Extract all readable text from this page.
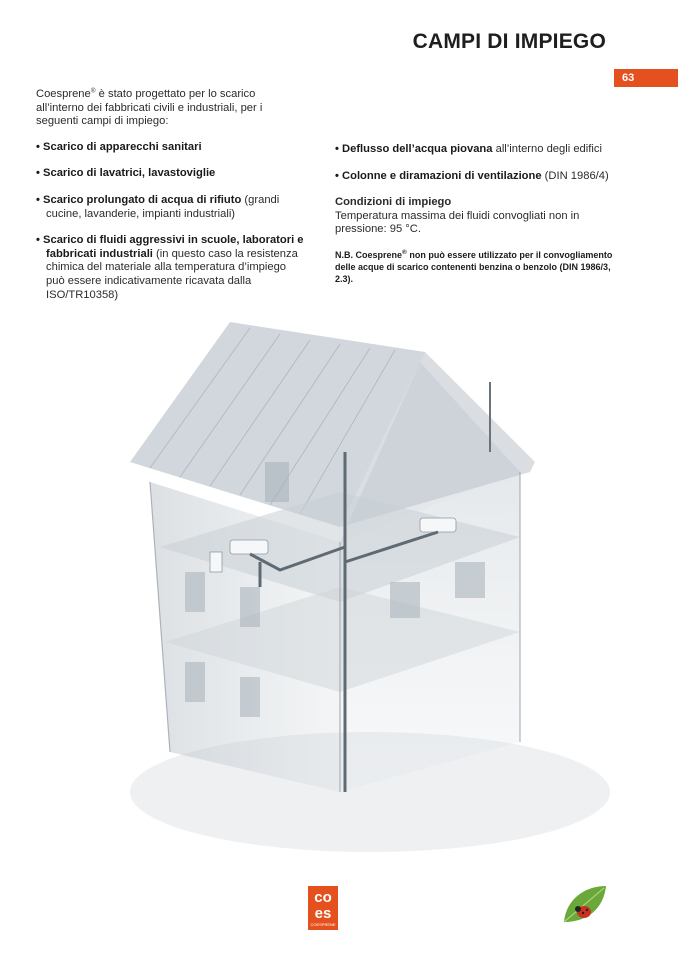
CAMPI DI IMPIEGO
63

Coesprene® è stato progettato per lo scarico all’interno dei fabbricati civili e industriali, per i seguenti campi di impiego:

• Scarico di apparecchi sanitari

• Scarico di lavatrici, lavastoviglie

• Scarico prolungato di acqua di rifiuto (grandi cucine, lavanderie, impianti industriali)

• Scarico di fluidi aggressivi in scuole, laboratori e fabbricati industriali (in questo caso la resistenza chimica del materiale alla temperatura d’impiego può essere indicativamente ricavata dalla ISO/TR10358)

• Deflusso dell’acqua piovana all’interno degli edifici

• Colonne e diramazioni di ventilazione (DIN 1986/4)

Condizioni di impiego
Temperatura massima dei fluidi convogliati non in pressione: 95 °C.
N.B. Coesprene® non può essere utilizzato per il convogliamento delle acque di scarico contenenti benzina o benzolo (DIN 1986/3, 2.3).
co
es
COESPRENE
